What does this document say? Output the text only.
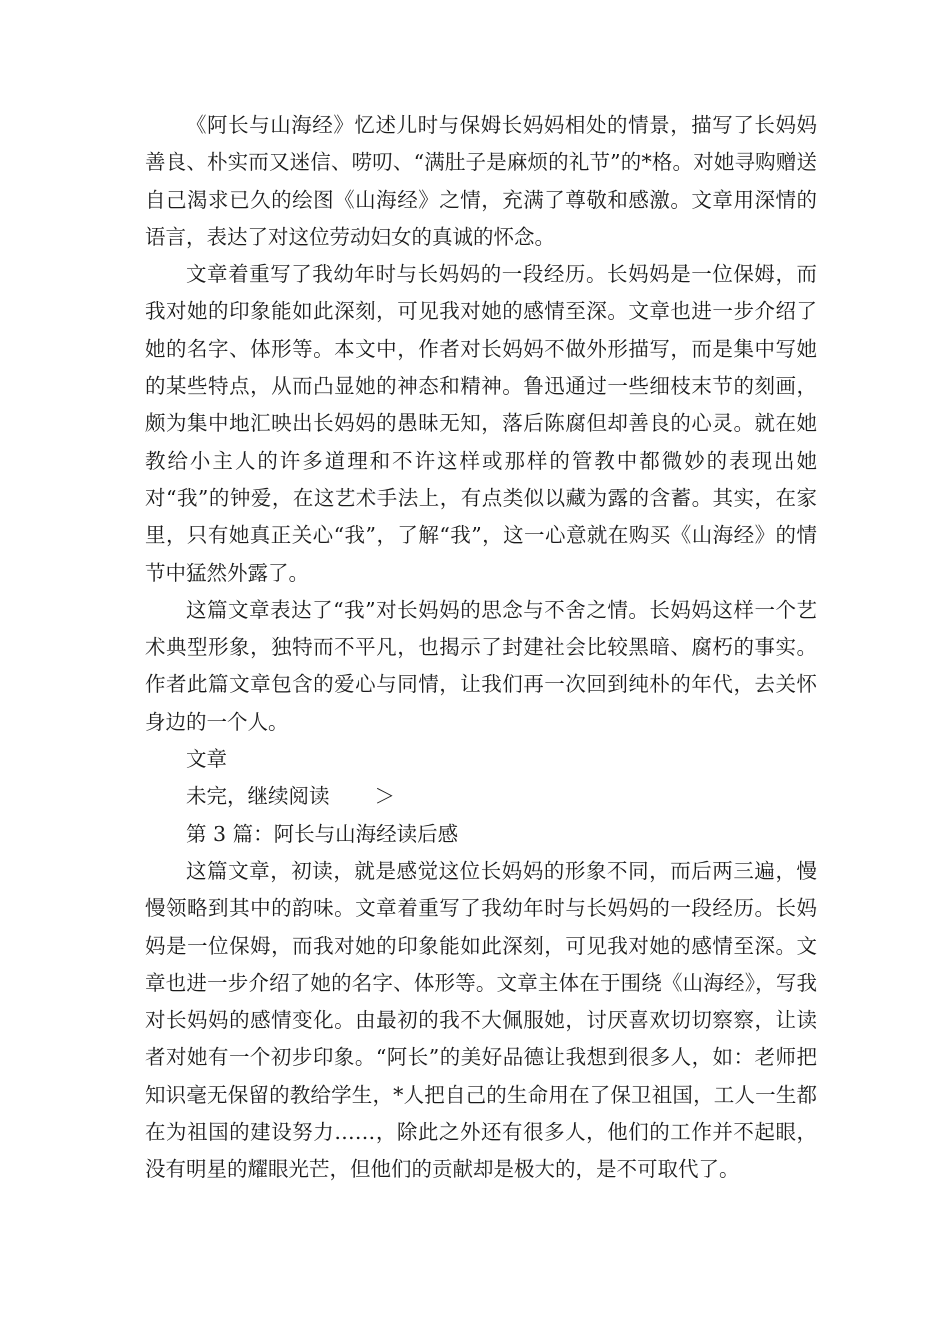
《阿长与山海经》忆述儿时与保姆长妈妈相处的情景，描写了长妈妈善良、朴实而又迷信、唠叨、“满肚子是麻烦的礼节”的*格。对她寻购赠送自己渴求已久的绘图《山海经》之情，充满了尊敬和感激。文章用深情的语言，表达了对这位劳动妇女的真诚的怀念。

文章着重写了我幼年时与长妈妈的一段经历。长妈妈是一位保姆，而我对她的印象能如此深刻，可见我对她的感情至深。文章也进一步介绍了她的名字、体形等。本文中，作者对长妈妈不做外形描写，而是集中写她的某些特点，从而凸显她的神态和精神。鲁迅通过一些细枝末节的刻画，颇为集中地汇映出长妈妈的愚昧无知，落后陈腐但却善良的心灵。就在她教给小主人的许多道理和不许这样或那样的管教中都微妙的表现出她对“我”的钟爱，在这艺术手法上，有点类似以藏为露的含蓄。其实，在家里，只有她真正关心“我”，了解“我”，这一心意就在购买《山海经》的情节中猛然外露了。

这篇文章表达了“我”对长妈妈的思念与不舍之情。长妈妈这样一个艺术典型形象，独特而不平凡，也揭示了封建社会比较黑暗、腐朽的事实。作者此篇文章包含的爱心与同情，让我们再一次回到纯朴的年代，去关怀身边的一个人。

文章

未完，继续阅读 ＞

第 3 篇：阿长与山海经读后感

这篇文章，初读，就是感觉这位长妈妈的形象不同，而后两三遍，慢慢领略到其中的韵味。文章着重写了我幼年时与长妈妈的一段经历。长妈妈是一位保姆，而我对她的印象能如此深刻，可见我对她的感情至深。文章也进一步介绍了她的名字、体形等。文章主体在于围绕《山海经》，写我对长妈妈的感情变化。由最初的我不大佩服她，讨厌喜欢切切察察，让读者对她有一个初步印象。“阿长”的美好品德让我想到很多人，如：老师把知识毫无保留的教给学生，*人把自己的生命用在了保卫祖国，工人一生都在为祖国的建设努力……，除此之外还有很多人，他们的工作并不起眼，没有明星的耀眼光芒，但他们的贡献却是极大的，是不可取代了。
